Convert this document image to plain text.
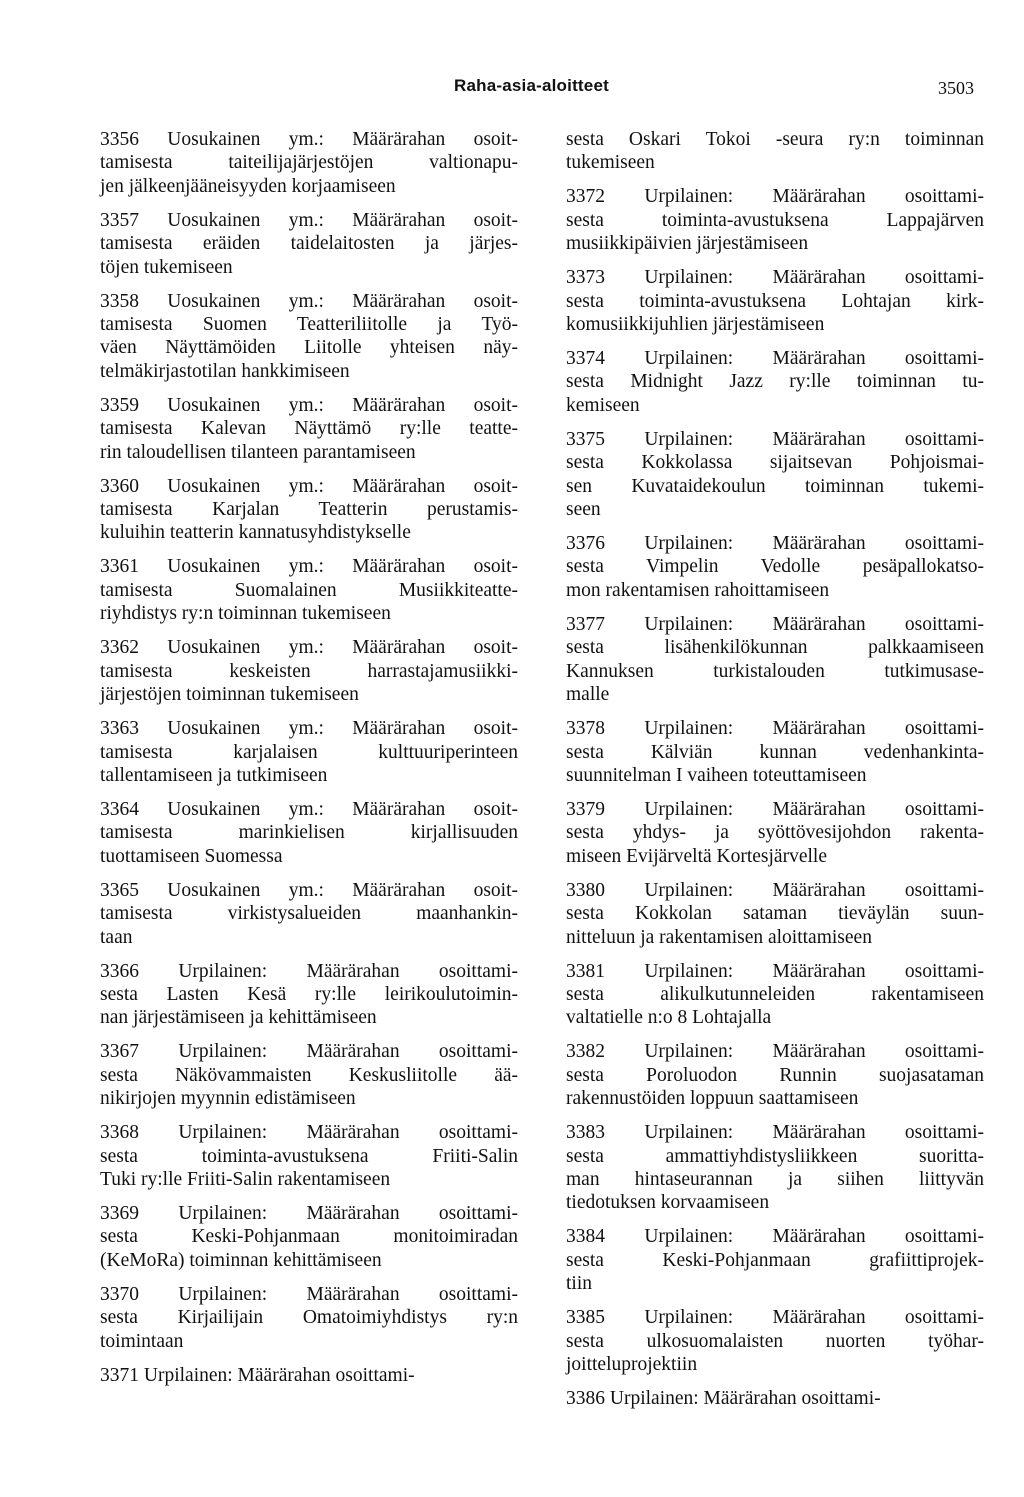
Raha-asia-aloitteet	3503

3356 Uosukainen ym.: Määrärahan osoit-
tamisesta taiteilijajärjestöjen valtionapu-
jen jälkeenjääneisyyden korjaamiseen

3357 Uosukainen ym.: Määrärahan osoit-
tamisesta eräiden taidelaitosten ja järjes-
töjen tukemiseen

3358 Uosukainen ym.: Määrärahan osoit-
tamisesta Suomen Teatteriliitolle ja Työ-
väen Näyttämöiden Liitolle yhteisen näy-
telmäkirjastotilan hankkimiseen

3359 Uosukainen ym.: Määrärahan osoit-
tamisesta Kalevan Näyttämö ry:lle teatte-
rin taloudellisen tilanteen parantamiseen

3360 Uosukainen ym.: Määrärahan osoit-
tamisesta Karjalan Teatterin perustamis-
kuluihin teatterin kannatusyhdistykselle

3361 Uosukainen ym.: Määrärahan osoit-
tamisesta Suomalainen Musiikkiteatte-
riyhdistys ry:n toiminnan tukemiseen

3362 Uosukainen ym.: Määrärahan osoit-
tamisesta keskeisten harrastajamusiikki-
järjestöjen toiminnan tukemiseen

3363 Uosukainen ym.: Määrärahan osoit-
tamisesta karjalaisen kulttuuriperinteen
tallentamiseen ja tutkimiseen

3364 Uosukainen ym.: Määrärahan osoit-
tamisesta marinkielisen kirjallisuuden
tuottamiseen Suomessa

3365 Uosukainen ym.: Määrärahan osoit-
tamisesta virkistysalueiden maanhankin-
taan

3366 Urpilainen: Määrärahan osoittami-
sesta Lasten Kesä ry:lle leirikoulutoimin-
nan järjestämiseen ja kehittämiseen

3367 Urpilainen: Määrärahan osoittami-
sesta Näkövammaisten Keskusliitolle ää-
nikirjojen myynnin edistämiseen

3368 Urpilainen: Määrärahan osoittami-
sesta toiminta-avustuksena Friiti-Salin
Tuki ry:lle Friiti-Salin rakentamiseen

3369 Urpilainen: Määrärahan osoittami-
sesta Keski-Pohjanmaan monitoimiradan
(KeMoRa) toiminnan kehittämiseen

3370 Urpilainen: Määrärahan osoittami-
sesta Kirjailijain Omatoimiyhdistys ry:n
toimintaan

3371 Urpilainen: Määrärahan osoittami-

sesta Oskari Tokoi -seura ry:n toiminnan
tukemiseen

3372 Urpilainen: Määrärahan osoittami-
sesta toiminta-avustuksena Lappajärven
musiikkipäivien järjestämiseen

3373 Urpilainen: Määrärahan osoittami-
sesta toiminta-avustuksena Lohtajan kirk-
komusiikkijuhlien järjestämiseen

3374 Urpilainen: Määrärahan osoittami-
sesta Midnight Jazz ry:lle toiminnan tu-
kemiseen

3375 Urpilainen: Määrärahan osoittami-
sesta Kokkolassa sijaitsevan Pohjoismai-
sen Kuvataidekoulun toiminnan tukemi-
seen

3376 Urpilainen: Määrärahan osoittami-
sesta Vimpelin Vedolle pesäpallokatso-
mon rakentamisen rahoittamiseen

3377 Urpilainen: Määrärahan osoittami-
sesta lisähenkilökunnan palkkaamiseen
Kannuksen turkistalouden tutkimusase-
malle

3378 Urpilainen: Määrärahan osoittami-
sesta Kälviän kunnan vedenhankinta-
suunnitelman I vaiheen toteuttamiseen

3379 Urpilainen: Määrärahan osoittami-
sesta yhdys- ja syöttövesijohdon rakenta-
miseen Evijärveltä Kortesjärvelle

3380 Urpilainen: Määrärahan osoittami-
sesta Kokkolan sataman tieväylän suun-
nitteluun ja rakentamisen aloittamiseen

3381 Urpilainen: Määrärahan osoittami-
sesta alikulkutunneleiden rakentamiseen
valtatielle n:o 8 Lohtajalla

3382 Urpilainen: Määrärahan osoittami-
sesta Poroluodon Runnin suojasataman
rakennustöiden loppuun saattamiseen

3383 Urpilainen: Määrärahan osoittami-
sesta ammattiyhdistysliikkeen suoritta-
man hintaseurannan ja siihen liittyvän
tiedotuksen korvaamiseen

3384 Urpilainen: Määrärahan osoittami-
sesta Keski-Pohjanmaan grafiittiprojek-
tiin

3385 Urpilainen: Määrärahan osoittami-
sesta ulkosuomalaisten nuorten työhar-
joitteluprojektiin

3386 Urpilainen: Määrärahan osoittami-
